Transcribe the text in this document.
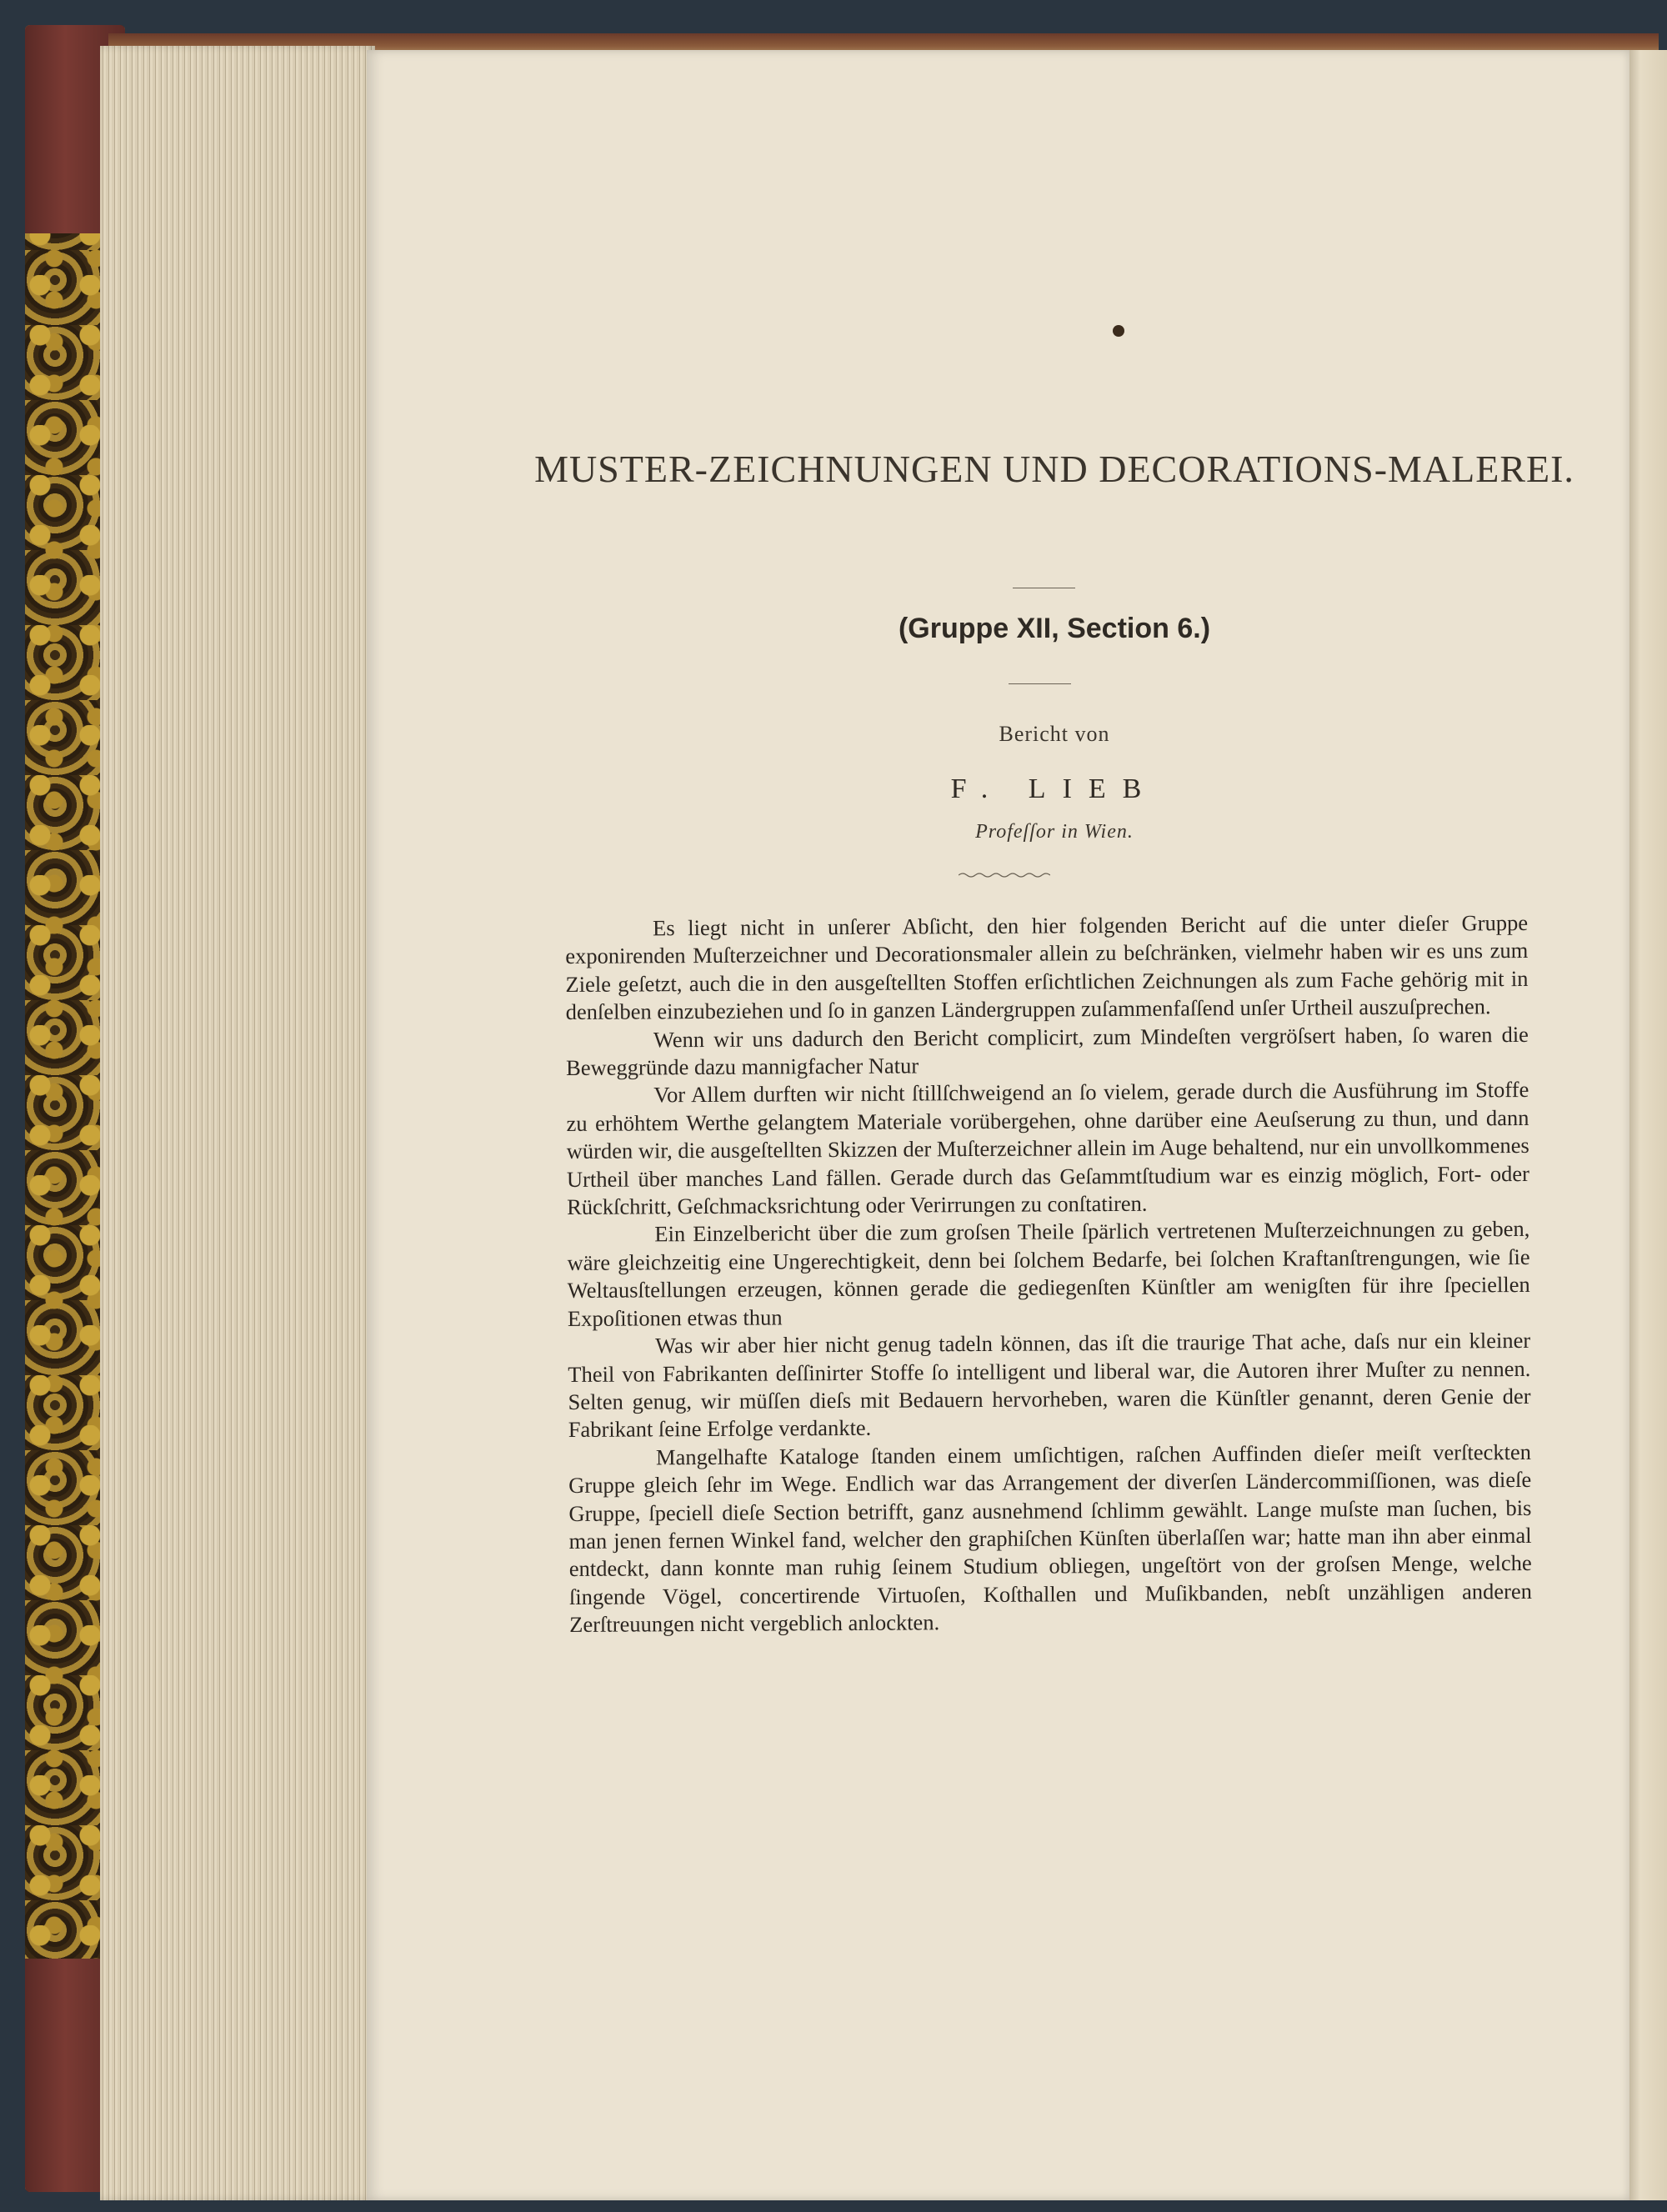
MUSTER-ZEICHNUNGEN UND DECORATIONS-MALEREI.
(Gruppe XII, Section 6.)
Bericht von
F. LIEB
Profeſſor in Wien.

Es liegt nicht in unſerer Abſicht, den hier folgenden Bericht auf die unter dieſer Gruppe exponirenden Muſterzeichner und Decorationsmaler allein zu beſchränken, vielmehr haben wir es uns zum Ziele geſetzt, auch die in den ausgeſtellten Stoffen erſichtlichen Zeichnungen als zum Fache gehörig mit in denſelben einzubeziehen und ſo in ganzen Ländergruppen zuſammenfaſſend unſer Urtheil auszuſprechen.

Wenn wir uns dadurch den Bericht complicirt, zum Mindeſten vergröſsert haben, ſo waren die Beweggründe dazu mannigfacher Natur

Vor Allem durften wir nicht ſtillſchweigend an ſo vielem, gerade durch die Ausführung im Stoffe zu erhöhtem Werthe gelangtem Materiale vorübergehen, ohne darüber eine Aeuſserung zu thun, und dann würden wir, die ausgeſtellten Skizzen der Muſterzeichner allein im Auge behaltend, nur ein unvollkommenes Urtheil über manches Land fällen. Gerade durch das Geſammtſtudium war es einzig möglich, Fort- oder Rückſchritt, Geſchmacksrichtung oder Verirrungen zu conſtatiren.

Ein Einzelbericht über die zum groſsen Theile ſpärlich vertretenen Muſterzeichnungen zu geben, wäre gleichzeitig eine Ungerechtigkeit, denn bei ſolchem Bedarfe, bei ſolchen Kraftanſtrengungen, wie ſie Weltausſtellungen erzeugen, können gerade die gediegenſten Künſtler am wenigſten für ihre ſpeciellen Expoſitionen etwas thun

Was wir aber hier nicht genug tadeln können, das iſt die traurige That ache, daſs nur ein kleiner Theil von Fabrikanten deſſinirter Stoffe ſo intelligent und liberal war, die Autoren ihrer Muſter zu nennen. Selten genug, wir müſſen dieſs mit Bedauern hervorheben, waren die Künſtler genannt, deren Genie der Fabrikant ſeine Erfolge verdankte.

Mangelhafte Kataloge ſtanden einem umſichtigen, raſchen Auffinden dieſer meiſt verſteckten Gruppe gleich ſehr im Wege. Endlich war das Arrangement der diverſen Ländercommiſſionen, was dieſe Gruppe, ſpeciell dieſe Section betrifft, ganz ausnehmend ſchlimm gewählt. Lange muſste man ſuchen, bis man jenen fernen Winkel fand, welcher den graphiſchen Künſten überlaſſen war; hatte man ihn aber einmal entdeckt, dann konnte man ruhig ſeinem Studium obliegen, ungeſtört von der groſsen Menge, welche ſingende Vögel, concertirende Virtuoſen, Koſthallen und Muſikbanden, nebſt unzähligen anderen Zerſtreuungen nicht vergeblich anlockten.
